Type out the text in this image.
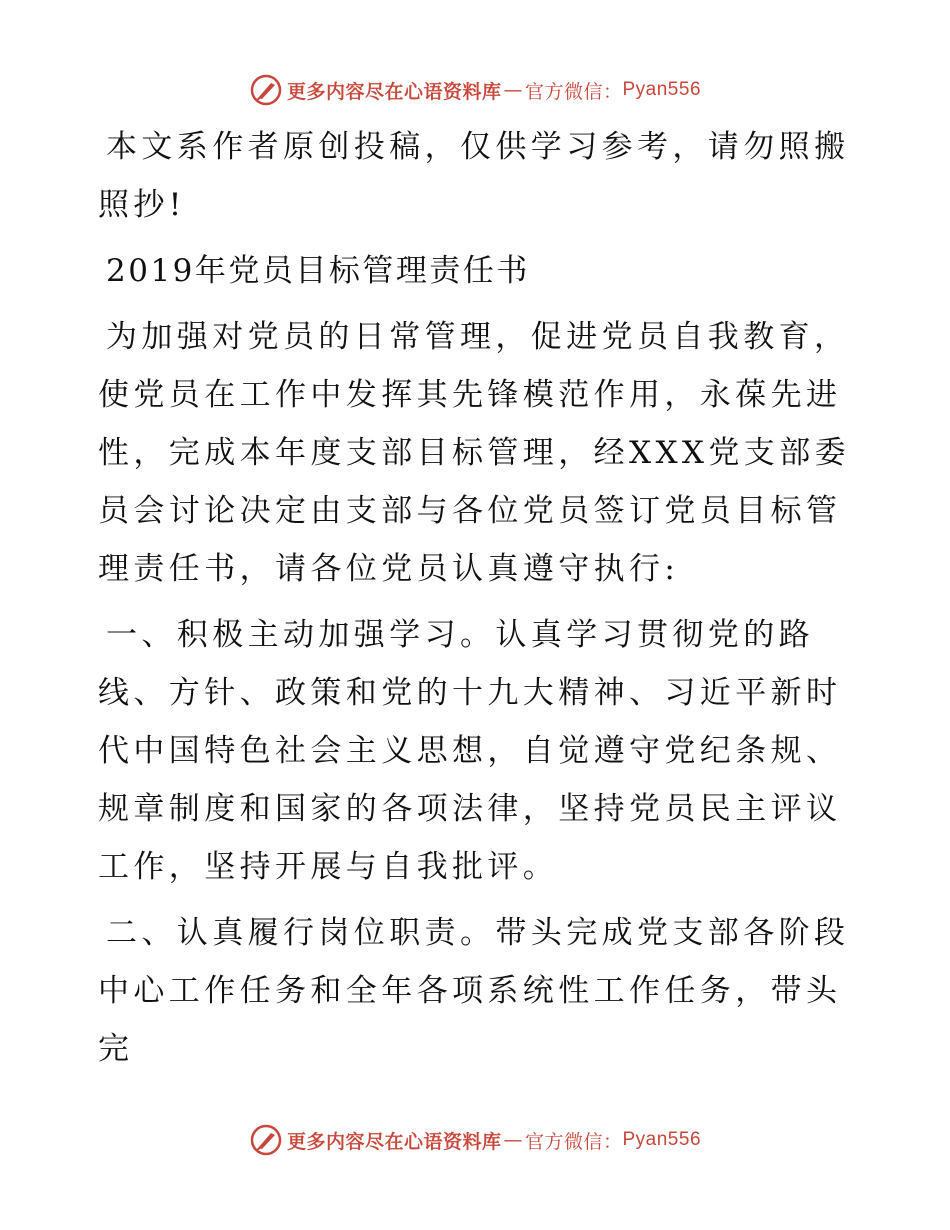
更多内容尽在心语资料库 — 官方微信： Pyan556

本文系作者原创投稿，仅供学习参考，请勿照搬照抄!

2019年党员目标管理责任书

为加强对党员的日常管理，促进党员自我教育，使党员在工作中发挥其先锋模范作用，永葆先进性，完成本年度支部目标管理，经XXX党支部委员会讨论决定由支部与各位党员签订党员目标管理责任书，请各位党员认真遵守执行:

一、积极主动加强学习。认真学习贯彻党的路线、方针、政策和党的十九大精神、习近平新时代中国特色社会主义思想，自觉遵守党纪条规、规章制度和国家的各项法律，坚持党员民主评议工作，坚持开展与自我批评。

二、认真履行岗位职责。带头完成党支部各阶段中心工作任务和全年各项系统性工作任务，带头完

更多内容尽在心语资料库 — 官方微信： Pyan556
